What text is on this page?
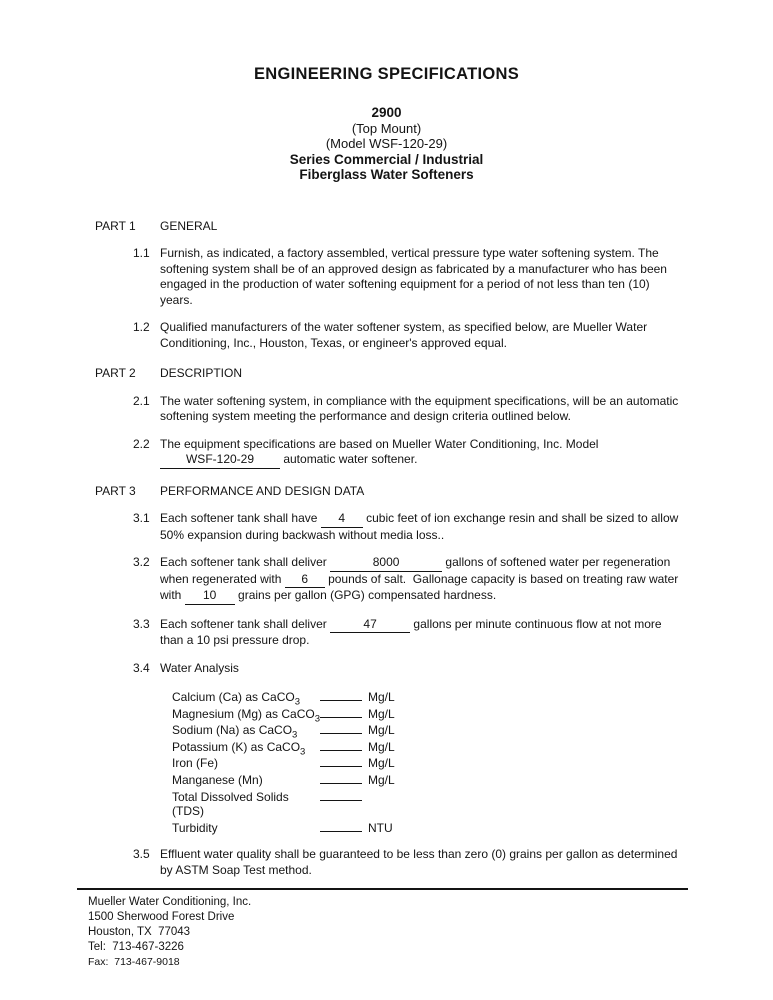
ENGINEERING SPECIFICATIONS
2900
(Top Mount)
(Model WSF-120-29)
Series Commercial / Industrial
Fiberglass Water Softeners
PART 1	GENERAL
1.1 Furnish, as indicated, a factory assembled, vertical pressure type water softening system. The softening system shall be of an approved design as fabricated by a manufacturer who has been engaged in the production of water softening equipment for a period of not less than ten (10) years.
1.2 Qualified manufacturers of the water softener system, as specified below, are Mueller Water Conditioning, Inc., Houston, Texas, or engineer's approved equal.
PART 2	DESCRIPTION
2.1 The water softening system, in compliance with the equipment specifications, will be an automatic softening system meeting the performance and design criteria outlined below.
2.2 The equipment specifications are based on Mueller Water Conditioning, Inc. Model WSF-120-29 automatic water softener.
PART 3	PERFORMANCE AND DESIGN DATA
3.1 Each softener tank shall have 4 cubic feet of ion exchange resin and shall be sized to allow 50% expansion during backwash without media loss..
3.2 Each softener tank shall deliver	8000	gallons of softened water per regeneration when regenerated with 6 pounds of salt.  Gallonage capacity is based on treating raw water with 10 grains per gallon (GPG) compensated hardness.
3.3 Each softener tank shall deliver	47	gallons per minute continuous flow at not more than a 10 psi pressure drop.
3.4 Water Analysis
Calcium (Ca) as CaCO$_3$	Mg/L
Magnesium (Mg) as CaCO$_3$	Mg/L
Sodium (Na) as CaCO$_3$	Mg/L
Potassium (K) as CaCO$_3$	Mg/L
Iron (Fe)	Mg/L
Manganese (Mn)	Mg/L
Total Dissolved Solids (TDS)
Turbidity	NTU
3.5 Effluent water quality shall be guaranteed to be less than zero (0) grains per gallon as determined by ASTM Soap Test method.
Mueller Water Conditioning, Inc.
1500 Sherwood Forest Drive
Houston, TX  77043
Tel:  713-467-3226
Fax:  713-467-9018
